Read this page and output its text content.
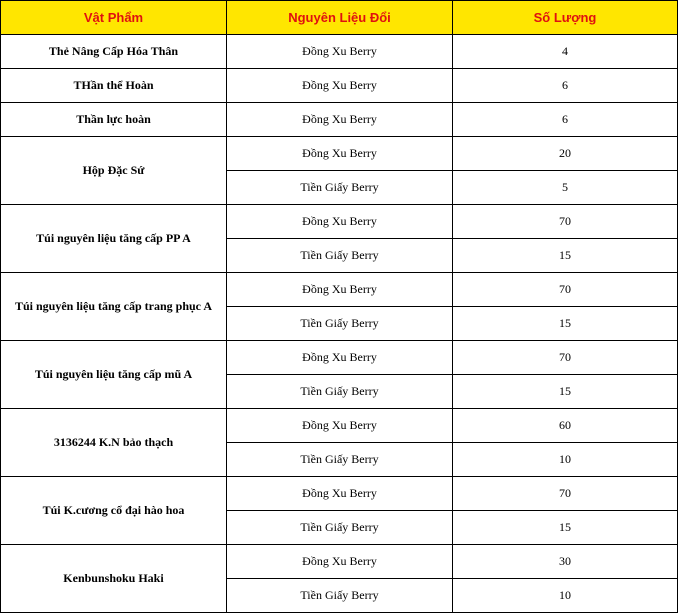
Vật Phẩm	Nguyên Liệu Đổi	Số Lượng
Thẻ Nâng Cấp Hóa Thân	Đồng Xu Berry	4
THần thể Hoàn	Đồng Xu Berry	6
Thần lực hoàn	Đồng Xu Berry	6
Hộp Đặc Sứ	Đồng Xu Berry	20
	Tiền Giấy Berry	5
Túi nguyên liệu tăng cấp PP A	Đồng Xu Berry	70
	Tiền Giấy Berry	15
Túi nguyên liệu tăng cấp trang phục A	Đồng Xu Berry	70
	Tiền Giấy Berry	15
Túi nguyên liệu tăng cấp mũ A	Đồng Xu Berry	70
	Tiền Giấy Berry	15
3136244 K.N bảo thạch	Đồng Xu Berry	60
	Tiền Giấy Berry	10
Túi K.cương cổ đại hào hoa	Đồng Xu Berry	70
	Tiền Giấy Berry	15
Kenbunshoku Haki	Đồng Xu Berry	30
	Tiền Giấy Berry	10
